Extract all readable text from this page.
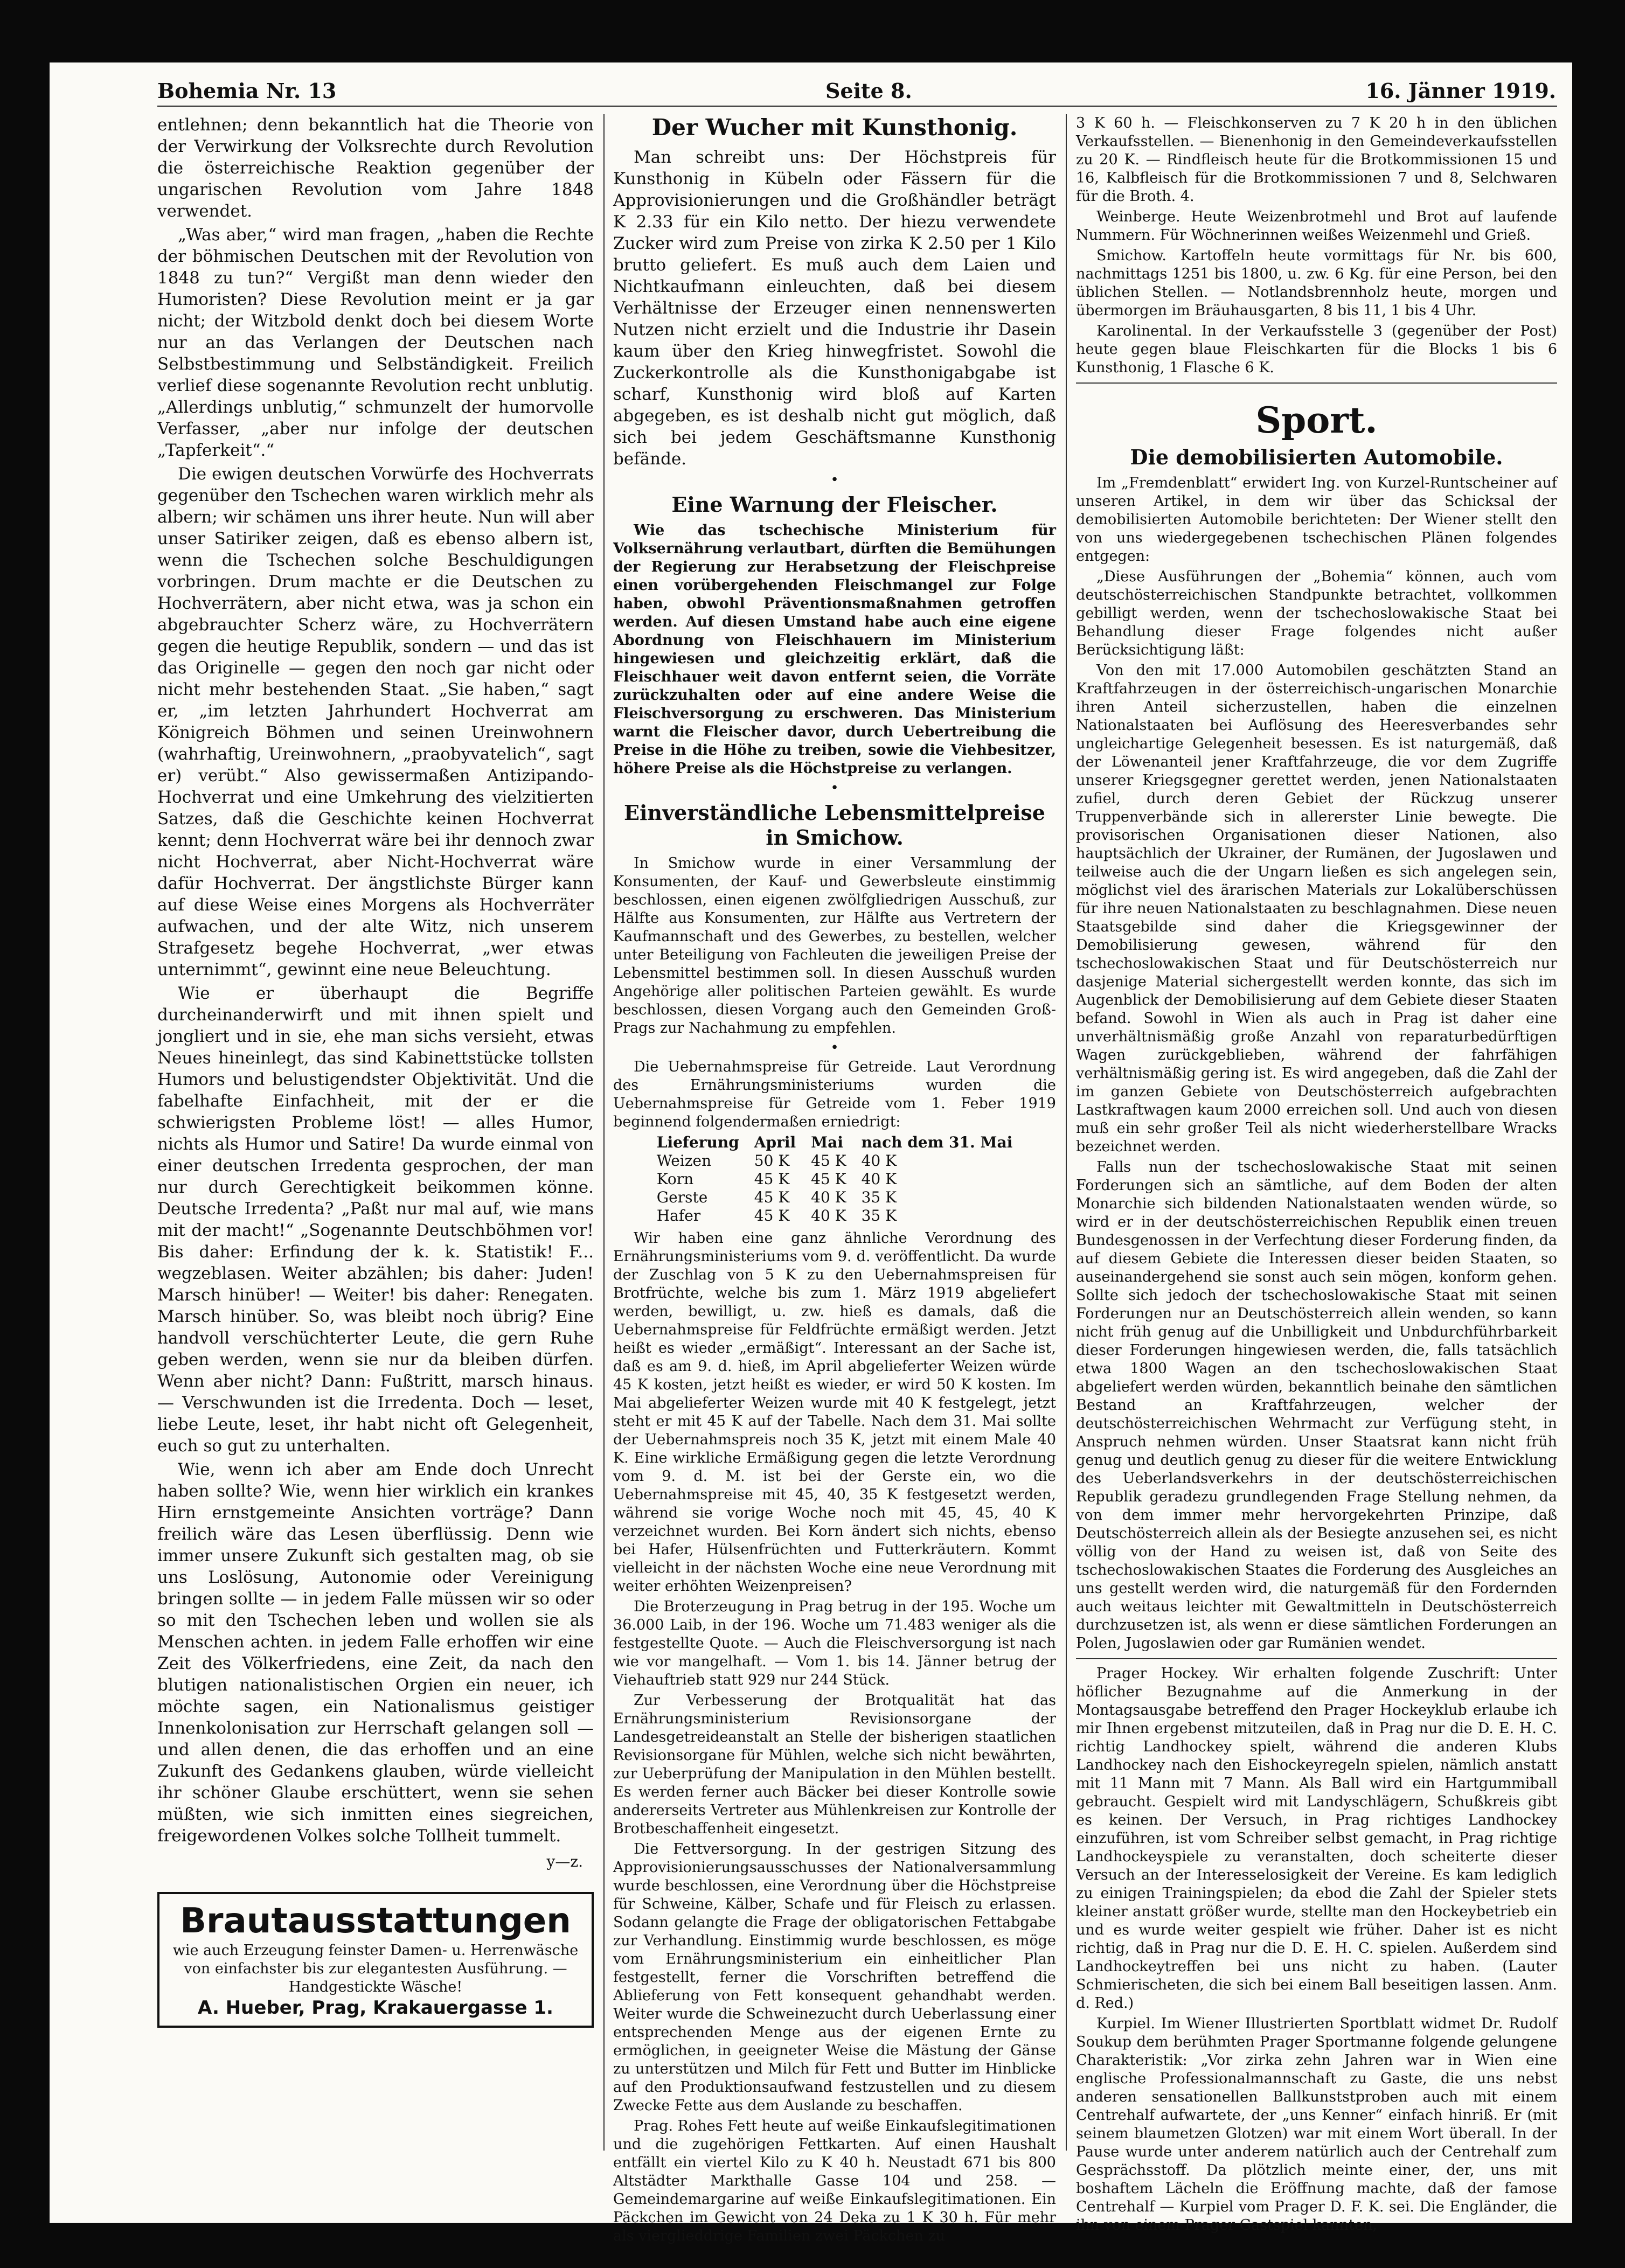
Bohemia Nr. 13	Seite 8.	16. Jänner 1919.

entlehnen; denn bekanntlich hat die Theorie von der Verwirkung der Volksrechte durch Revolution die österreichische Reaktion gegenüber der ungarischen Revolution vom Jahre 1848 verwendet.

„Was aber,“ wird man fragen, „haben die Rechte der böhmischen Deutschen mit der Revolution von 1848 zu tun?“ Vergißt man denn wieder den Humoristen? Diese Revolution meint er ja gar nicht; der Witzbold denkt doch bei diesem Worte nur an das Verlangen der Deutschen nach Selbstbestimmung und Selbständigkeit. Freilich verlief diese sogenannte Revolution recht unblutig. „Allerdings unblutig,“ schmunzelt der humorvolle Verfasser, „aber nur infolge der deutschen „Tapferkeit“.“

Die ewigen deutschen Vorwürfe des Hochverrats gegenüber den Tschechen waren wirklich mehr als albern; wir schämen uns ihrer heute. Nun will aber unser Satiriker zeigen, daß es ebenso albern ist, wenn die Tschechen solche Beschuldigungen vorbringen. Drum machte er die Deutschen zu Hochverrätern, aber nicht etwa, was ja schon ein abgebrauchter Scherz wäre, zu Hochverrätern gegen die heutige Republik, sondern — und das ist das Originelle — gegen den noch gar nicht oder nicht mehr bestehenden Staat. „Sie haben,“ sagt er, „im letzten Jahrhundert Hochverrat am Königreich Böhmen und seinen Ureinwohnern (wahrhaftig, Ureinwohnern, „praobyvatelich“, sagt er) verübt.“ Also gewissermaßen Antizipando-Hochverrat und eine Umkehrung des vielzitierten Satzes, daß die Geschichte keinen Hochverrat kennt; denn Hochverrat wäre bei ihr dennoch zwar nicht Hochverrat, aber Nicht-Hochverrat wäre dafür Hochverrat. Der ängstlichste Bürger kann auf diese Weise eines Morgens als Hochverräter aufwachen, und der alte Witz, nich unserem Strafgesetz begehe Hochverrat, „wer etwas unternimmt“, gewinnt eine neue Beleuchtung.

Wie er überhaupt die Begriffe durcheinanderwirft und mit ihnen spielt und jongliert und in sie, ehe man sichs versieht, etwas Neues hineinlegt, das sind Kabinettstücke tollsten Humors und belustigendster Objektivität. Und die fabelhafte Einfachheit, mit der er die schwierigsten Probleme löst! — alles Humor, nichts als Humor und Satire! Da wurde einmal von einer deutschen Irredenta gesprochen, der man nur durch Gerechtigkeit beikommen könne. Deutsche Irredenta? „Paßt nur mal auf, wie mans mit der macht!“ „Sogenannte Deutschböhmen vor! Bis daher: Erfindung der k. k. Statistik! F... wegzeblasen. Weiter abzählen; bis daher: Juden! Marsch hinüber! — Weiter! bis daher: Renegaten. Marsch hinüber. So, was bleibt noch übrig? Eine handvoll verschüchterter Leute, die gern Ruhe geben werden, wenn sie nur da bleiben dürfen. Wenn aber nicht? Dann: Fußtritt, marsch hinaus. — Verschwunden ist die Irredenta. Doch — leset, liebe Leute, leset, ihr habt nicht oft Gelegenheit, euch so gut zu unterhalten.

Wie, wenn ich aber am Ende doch Unrecht haben sollte? Wie, wenn hier wirklich ein krankes Hirn ernstgemeinte Ansichten vorträge? Dann freilich wäre das Lesen überflüssig. Denn wie immer unsere Zukunft sich gestalten mag, ob sie uns Loslösung, Autonomie oder Vereinigung bringen sollte — in jedem Falle müssen wir so oder so mit den Tschechen leben und wollen sie als Menschen achten. in jedem Falle erhoffen wir eine Zeit des Völkerfriedens, eine Zeit, da nach den blutigen nationalistischen Orgien ein neuer, ich möchte sagen, ein Nationalismus geistiger Innenkolonisation zur Herrschaft gelangen soll — und allen denen, die das erhoffen und an eine Zukunft des Gedankens glauben, würde vielleicht ihr schöner Glaube erschüttert, wenn sie sehen müßten, wie sich inmitten eines siegreichen, freigewordenen Volkes solche Tollheit tummelt.

y—z.
Brautausstattungen
wie auch Erzeugung feinster Damen- u. Herrenwäsche von einfachster bis zur elegantesten Ausführung. — Handgestickte Wäsche!
A. Hueber, Prag, Krakauergasse 1.
Der Wucher mit Kunsthonig.

Man schreibt uns: Der Höchstpreis für Kunsthonig in Kübeln oder Fässern für die Approvisionierungen und die Großhändler beträgt K 2.33 für ein Kilo netto. Der hiezu verwendete Zucker wird zum Preise von zirka K 2.50 per 1 Kilo brutto geliefert. Es muß auch dem Laien und Nichtkaufmann einleuchten, daß bei diesem Verhältnisse der Erzeuger einen nennenswerten Nutzen nicht erzielt und die Industrie ihr Dasein kaum über den Krieg hinwegfristet. Sowohl die Zuckerkontrolle als die Kunsthonigabgabe ist scharf, Kunsthonig wird bloß auf Karten abgegeben, es ist deshalb nicht gut möglich, daß sich bei jedem Geschäftsmanne Kunsthonig befände.

•
Eine Warnung der Fleischer.

Wie das tschechische Ministerium für Volksernährung verlautbart, dürften die Bemühungen der Regierung zur Herabsetzung der Fleischpreise einen vorübergehenden Fleischmangel zur Folge haben, obwohl Präventionsmaßnahmen getroffen werden. Auf diesen Umstand habe auch eine eigene Abordnung von Fleischhauern im Ministerium hingewiesen und gleichzeitig erklärt, daß die Fleischhauer weit davon entfernt seien, die Vorräte zurückzuhalten oder auf eine andere Weise die Fleischversorgung zu erschweren. Das Ministerium warnt die Fleischer davor, durch Uebertreibung die Preise in die Höhe zu treiben, sowie die Viehbesitzer, höhere Preise als die Höchstpreise zu verlangen.

•
Einverständliche Lebensmittelpreise in Smichow.

In Smichow wurde in einer Versammlung der Konsumenten, der Kauf- und Gewerbsleute einstimmig beschlossen, einen eigenen zwölfgliedrigen Ausschuß, zur Hälfte aus Konsumenten, zur Hälfte aus Vertretern der Kaufmannschaft und des Gewerbes, zu bestellen, welcher unter Beteiligung von Fachleuten die jeweiligen Preise der Lebensmittel bestimmen soll. In diesen Ausschuß wurden Angehörige aller politischen Parteien gewählt. Es wurde beschlossen, diesen Vorgang auch den Gemeinden Groß-Prags zur Nachahmung zu empfehlen.

•

Die Uebernahmspreise für Getreide. Laut Verordnung des Ernährungsministeriums wurden die Uebernahmspreise für Getreide vom 1. Feber 1919 beginnend folgendermaßen erniedrigt:

Lieferung	April	Mai	nach dem 31. Mai
Weizen	50 K	45 K	40 K
Korn	45 K	45 K	40 K
Gerste	45 K	40 K	35 K
Hafer	45 K	40 K	35 K

Wir haben eine ganz ähnliche Verordnung des Ernährungsministeriums vom 9. d. veröffentlicht. Da wurde der Zuschlag von 5 K zu den Uebernahmspreisen für Brotfrüchte, welche bis zum 1. März 1919 abgeliefert werden, bewilligt, u. zw. hieß es damals, daß die Uebernahmspreise für Feldfrüchte ermäßigt werden. Jetzt heißt es wieder „ermäßigt“. Interessant an der Sache ist, daß es am 9. d. hieß, im April abgelieferter Weizen würde 45 K kosten, jetzt heißt es wieder, er wird 50 K kosten. Im Mai abgelieferter Weizen wurde mit 40 K festgelegt, jetzt steht er mit 45 K auf der Tabelle. Nach dem 31. Mai sollte der Uebernahmspreis noch 35 K, jetzt mit einem Male 40 K. Eine wirkliche Ermäßigung gegen die letzte Verordnung vom 9. d. M. ist bei der Gerste ein, wo die Uebernahmspreise mit 45, 40, 35 K festgesetzt werden, während sie vorige Woche noch mit 45, 45, 40 K verzeichnet wurden. Bei Korn ändert sich nichts, ebenso bei Hafer, Hülsenfrüchten und Futterkräutern. Kommt vielleicht in der nächsten Woche eine neue Verordnung mit weiter erhöhten Weizenpreisen?

Die Broterzeugung in Prag betrug in der 195. Woche um 36.000 Laib, in der 196. Woche um 71.483 weniger als die festgestellte Quote. — Auch die Fleischversorgung ist nach wie vor mangelhaft. — Vom 1. bis 14. Jänner betrug der Viehauftrieb statt 929 nur 244 Stück.

Zur Verbesserung der Brotqualität hat das Ernährungsministerium Revisionsorgane der Landesgetreideanstalt an Stelle der bisherigen staatlichen Revisionsorgane für Mühlen, welche sich nicht bewährten, zur Ueberprüfung der Manipulation in den Mühlen bestellt. Es werden ferner auch Bäcker bei dieser Kontrolle sowie andererseits Vertreter aus Mühlenkreisen zur Kontrolle der Brotbeschaffenheit eingesetzt.

Die Fettversorgung. In der gestrigen Sitzung des Approvisionierungsausschusses der Nationalversammlung wurde beschlossen, eine Verordnung über die Höchstpreise für Schweine, Kälber, Schafe und für Fleisch zu erlassen. Sodann gelangte die Frage der obligatorischen Fettabgabe zur Verhandlung. Einstimmig wurde beschlossen, es möge vom Ernährungsministerium ein einheitlicher Plan festgestellt, ferner die Vorschriften betreffend die Ablieferung von Fett konsequent gehandhabt werden. Weiter wurde die Schweinezucht durch Ueberlassung einer entsprechenden Menge aus der eigenen Ernte zu ermöglichen, in geeigneter Weise die Mästung der Gänse zu unterstützen und Milch für Fett und Butter im Hinblicke auf den Produktionsaufwand festzustellen und zu diesem Zwecke Fette aus dem Auslande zu beschaffen.

Prag. Rohes Fett heute auf weiße Einkaufslegitimationen und die zugehörigen Fettkarten. Auf einen Haushalt entfällt ein viertel Kilo zu K 40 h. Neustadt 671 bis 800 Altstädter Markthalle Gasse 104 und 258. — Gemeindemargarine auf weiße Einkaufslegitimationen. Ein Päckchen im Gewicht von 24 Deka zu 1 K 30 h. Für mehr als vierglieddrige Familien zwei Päckchen zu

3 K 60 h. — Fleischkonserven zu 7 K 20 h in den üblichen Verkaufsstellen. — Bienenhonig in den Gemeindeverkaufsstellen zu 20 K. — Rindfleisch heute für die Brotkommissionen 15 und 16, Kalbfleisch für die Brotkommissionen 7 und 8, Selchwaren für die Broth. 4.

Weinberge. Heute Weizenbrotmehl und Brot auf laufende Nummern. Für Wöchnerinnen weißes Weizenmehl und Grieß.

Smichow. Kartoffeln heute vormittags für Nr. bis 600, nachmittags 1251 bis 1800, u. zw. 6 Kg. für eine Person, bei den üblichen Stellen. — Notlandsbrennholz heute, morgen und übermorgen im Bräuhausgarten, 8 bis 11, 1 bis 4 Uhr.

Karolinental. In der Verkaufsstelle 3 (gegenüber der Post) heute gegen blaue Fleischkarten für die Blocks 1 bis 6 Kunsthonig, 1 Flasche 6 K.

Sport.
Die demobilisierten Automobile.

Im „Fremdenblatt“ erwidert Ing. von Kurzel-Runtscheiner auf unseren Artikel, in dem wir über das Schicksal der demobilisierten Automobile berichteten: Der Wiener stellt den von uns wiedergegebenen tschechischen Plänen folgendes entgegen:

„Diese Ausführungen der „Bohemia“ können, auch vom deutschösterreichischen Standpunkte betrachtet, vollkommen gebilligt werden, wenn der tschechoslowakische Staat bei Behandlung dieser Frage folgendes nicht außer Berücksichtigung läßt:

Von den mit 17.000 Automobilen geschätzten Stand an Kraftfahrzeugen in der österreichisch-ungarischen Monarchie ihren Anteil sicherzustellen, haben die einzelnen Nationalstaaten bei Auflösung des Heeresverbandes sehr ungleichartige Gelegenheit besessen. Es ist naturgemäß, daß der Löwenanteil jener Kraftfahrzeuge, die vor dem Zugriffe unserer Kriegsgegner gerettet werden, jenen Nationalstaaten zufiel, durch deren Gebiet der Rückzug unserer Truppenverbände sich in allererster Linie bewegte. Die provisorischen Organisationen dieser Nationen, also hauptsächlich der Ukrainer, der Rumänen, der Jugoslawen und teilweise auch die der Ungarn ließen es sich angelegen sein, möglichst viel des ärarischen Materials zur Lokalüberschüssen für ihre neuen Nationalstaaten zu beschlagnahmen. Diese neuen Staatsgebilde sind daher die Kriegsgewinner der Demobilisierung gewesen, während für den tschechoslowakischen Staat und für Deutschösterreich nur dasjenige Material sichergestellt werden konnte, das sich im Augenblick der Demobilisierung auf dem Gebiete dieser Staaten befand. Sowohl in Wien als auch in Prag ist daher eine unverhältnismäßig große Anzahl von reparaturbedürftigen Wagen zurückgeblieben, während der fahrfähigen verhältnismäßig gering ist. Es wird angegeben, daß die Zahl der im ganzen Gebiete von Deutschösterreich aufgebrachten Lastkraftwagen kaum 2000 erreichen soll. Und auch von diesen muß ein sehr großer Teil als nicht wiederherstellbare Wracks bezeichnet werden.

Falls nun der tschechoslowakische Staat mit seinen Forderungen sich an sämtliche, auf dem Boden der alten Monarchie sich bildenden Nationalstaaten wenden würde, so wird er in der deutschösterreichischen Republik einen treuen Bundesgenossen in der Verfechtung dieser Forderung finden, da auf diesem Gebiete die Interessen dieser beiden Staaten, so auseinandergehend sie sonst auch sein mögen, konform gehen. Sollte sich jedoch der tschechoslowakische Staat mit seinen Forderungen nur an Deutschösterreich allein wenden, so kann nicht früh genug auf die Unbilligkeit und Unbdurchführbarkeit dieser Forderungen hingewiesen werden, die, falls tatsächlich etwa 1800 Wagen an den tschechoslowakischen Staat abgeliefert werden würden, bekanntlich beinahe den sämtlichen Bestand an Kraftfahrzeugen, welcher der deutschösterreichischen Wehrmacht zur Verfügung steht, in Anspruch nehmen würden. Unser Staatsrat kann nicht früh genug und deutlich genug zu dieser für die weitere Entwicklung des Ueberlandsverkehrs in der deutschösterreichischen Republik geradezu grundlegenden Frage Stellung nehmen, da von dem immer mehr hervorgekehrten Prinzipe, daß Deutschösterreich allein als der Besiegte anzusehen sei, es nicht völlig von der Hand zu weisen ist, daß von Seite des tschechoslowakischen Staates die Forderung des Ausgleiches an uns gestellt werden wird, die naturgemäß für den Fordernden auch weitaus leichter mit Gewaltmitteln in Deutschösterreich durchzusetzen ist, als wenn er diese sämtlichen Forderungen an Polen, Jugoslawien oder gar Rumänien wendet.

Prager Hockey. Wir erhalten folgende Zuschrift: Unter höflicher Bezugnahme auf die Anmerkung in der Montagsausgabe betreffend den Prager Hockeyklub erlaube ich mir Ihnen ergebenst mitzuteilen, daß in Prag nur die D. E. H. C. richtig Landhockey spielt, während die anderen Klubs Landhockey nach den Eishockeyregeln spielen, nämlich anstatt mit 11 Mann mit 7 Mann. Als Ball wird ein Hartgummiball gebraucht. Gespielt wird mit Landyschlägern, Schußkreis gibt es keinen. Der Versuch, in Prag richtiges Landhockey einzuführen, ist vom Schreiber selbst gemacht, in Prag richtige Landhockeyspiele zu veranstalten, doch scheiterte dieser Versuch an der Interesselosigkeit der Vereine. Es kam lediglich zu einigen Trainingspielen; da ebod die Zahl der Spieler stets kleiner anstatt größer wurde, stellte man den Hockeybetrieb ein und es wurde weiter gespielt wie früher. Daher ist es nicht richtig, daß in Prag nur die D. E. H. C. spielen. Außerdem sind Landhockeytreffen bei uns nicht zu haben. (Lauter Schmierischeten, die sich bei einem Ball beseitigen lassen. Anm. d. Red.)

Kurpiel. Im Wiener Illustrierten Sportblatt widmet Dr. Rudolf Soukup dem berühmten Prager Sportmanne folgende gelungene Charakteristik: „Vor zirka zehn Jahren war in Wien eine englische Professionalmannschaft zu Gaste, die uns nebst anderen sensationellen Ballkunststproben auch mit einem Centrehalf aufwartete, der „uns Kenner“ einfach hinriß. Er (mit seinem blaumetzen Glotzen) war mit einem Wort überall. In der Pause wurde unter anderem natürlich auch der Centrehalf zum Gesprächsstoff. Da plötzlich meinte einer, der, uns mit boshaftem Lächeln die Eröffnung machte, daß der famose Centrehalf — Kurpiel vom Prager D. F. K. sei. Die Engländer, die ihn von einem Prager Gastspiel kannten,
